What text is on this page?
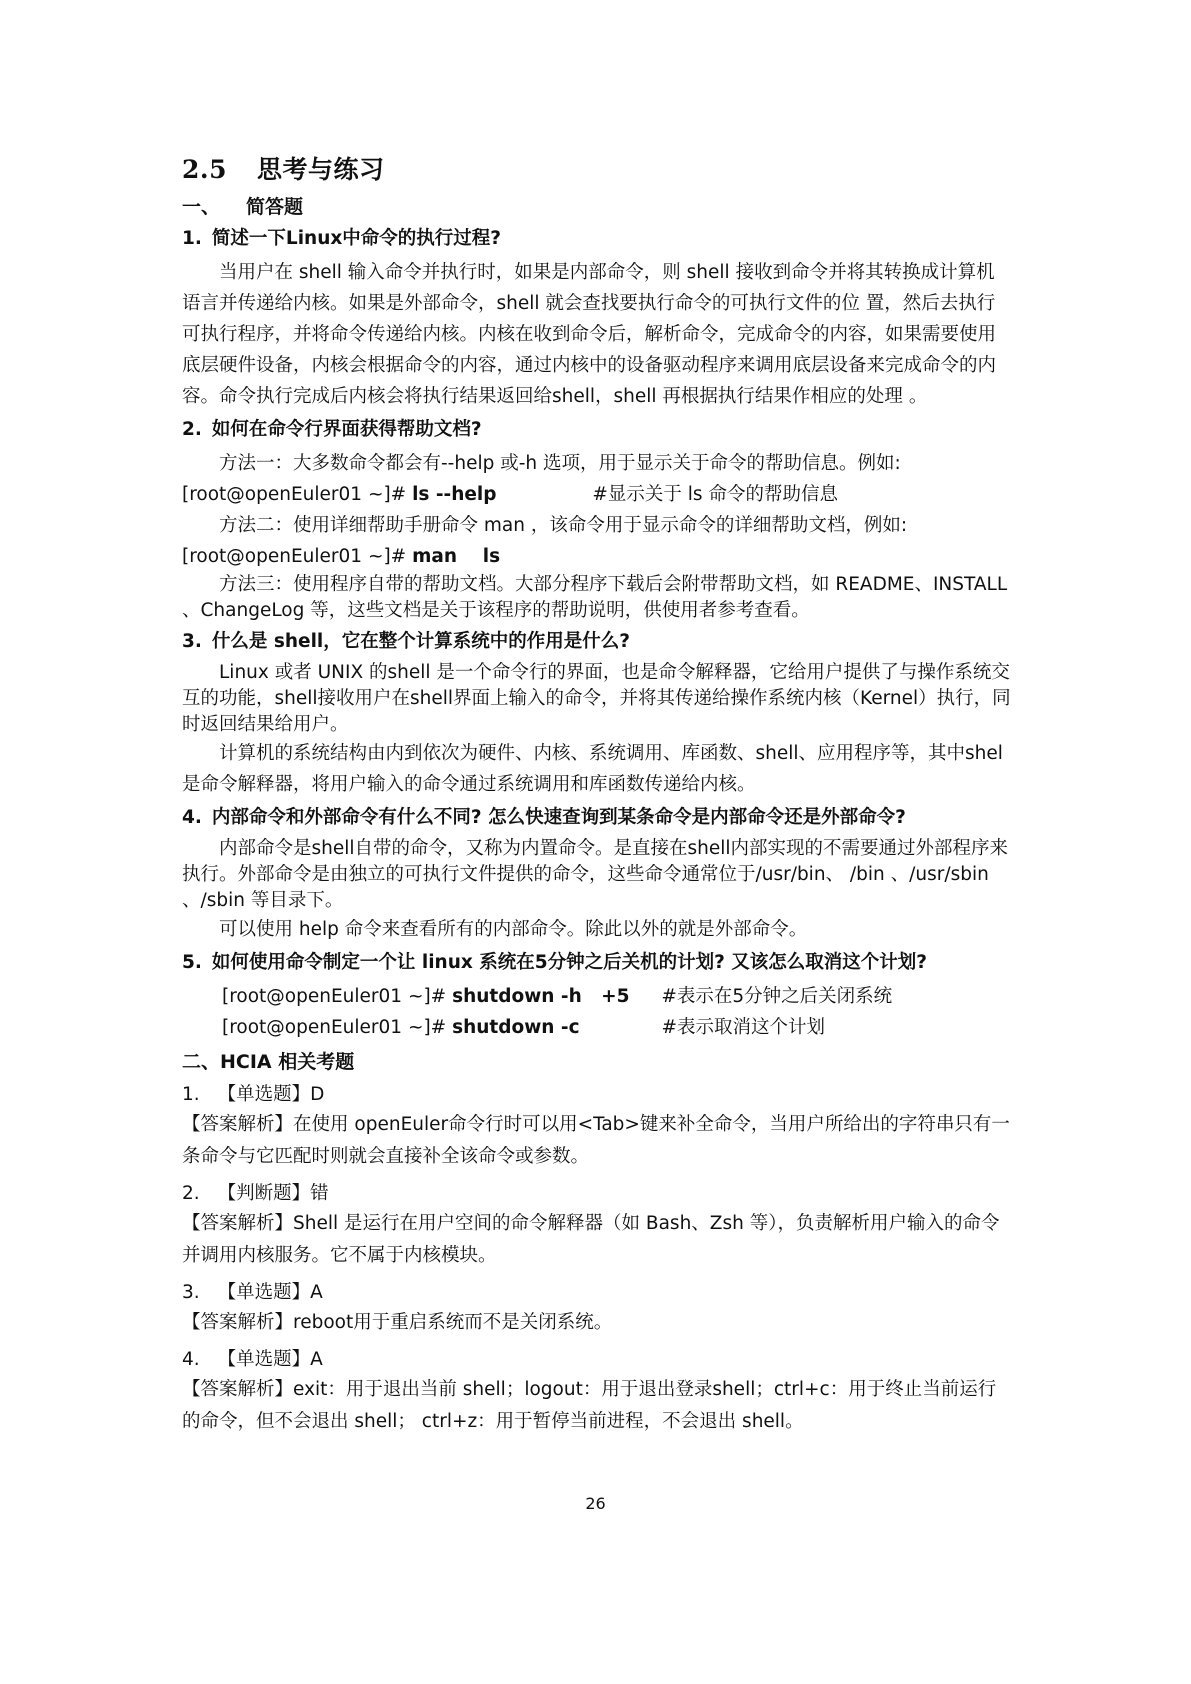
2.5 思考与练习
一、 简答题
1. 简述一下Linux中命令的执行过程?

当用户在 shell 输入命令并执行时，如果是内部命令，则 shell 接收到命令并将其转换成计算机语言并传递给内核。如果是外部命令，shell 就会查找要执行命令的可执行文件的位 置，然后去执行可执行程序，并将命令传递给内核。内核在收到命令后，解析命令，完成命令的内容，如果需要使用底层硬件设备，内核会根据命令的内容，通过内核中的设备驱动程序来调用底层设备来完成命令的内容。命令执行完成后内核会将执行结果返回给shell，shell 再根据执行结果作相应的处理 。

2. 如何在命令行界面获得帮助文档?

方法一：大多数命令都会有--help 或-h 选项，用于显示关于命令的帮助信息。例如:

[root@openEuler01 ~]# ls --help	#显示关于 ls 命令的帮助信息

方法二：使用详细帮助手册命令 man ，该命令用于显示命令的详细帮助文档，例如:

[root@openEuler01 ~]# man    ls

方法三：使用程序自带的帮助文档。大部分程序下载后会附带帮助文档，如 README、INSTALL 、ChangeLog 等，这些文档是关于该程序的帮助说明，供使用者参考查看。

3. 什么是 shell，它在整个计算系统中的作用是什么?

Linux 或者 UNIX 的shell 是一个命令行的界面，也是命令解释器，它给用户提供了与操作系统交互的功能，shell接收用户在shell界面上输入的命令，并将其传递给操作系统内核（Kernel）执行，同时返回结果给用户。

计算机的系统结构由内到依次为硬件、内核、系统调用、库函数、shell、应用程序等，其中shel是命令解释器，将用户输入的命令通过系统调用和库函数传递给内核。

4. 内部命令和外部命令有什么不同? 怎么快速查询到某条命令是内部命令还是外部命令?

内部命令是shell自带的命令，又称为内置命令。是直接在shell内部实现的不需要通过外部程序来执行。外部命令是由独立的可执行文件提供的命令，这些命令通常位于/usr/bin、 /bin 、/usr/sbin 、/sbin 等目录下。

可以使用 help 命令来查看所有的内部命令。除此以外的就是外部命令。

5. 如何使用命令制定一个让 linux 系统在5分钟之后关机的计划? 又该怎么取消这个计划?

[root@openEuler01 ~]# shutdown -h   +5 #表示在5分钟之后关闭系统

[root@openEuler01 ~]# shutdown -c	#表示取消这个计划

二、HCIA 相关考题

1. 【单选题】D

【答案解析】在使用 openEuler命令行时可以用<Tab>键来补全命令，当用户所给出的字符串只有一条命令与它匹配时则就会直接补全该命令或参数。

2. 【判断题】错

【答案解析】Shell 是运行在用户空间的命令解释器（如 Bash、Zsh 等），负责解析用户输入的命令并调用内核服务。它不属于内核模块。

3. 【单选题】A

【答案解析】reboot用于重启系统而不是关闭系统。

4. 【单选题】A

【答案解析】exit：用于退出当前 shell；logout：用于退出登录shell；ctrl+c：用于终止当前运行的命令，但不会退出 shell； ctrl+z：用于暂停当前进程，不会退出 shell。

26
